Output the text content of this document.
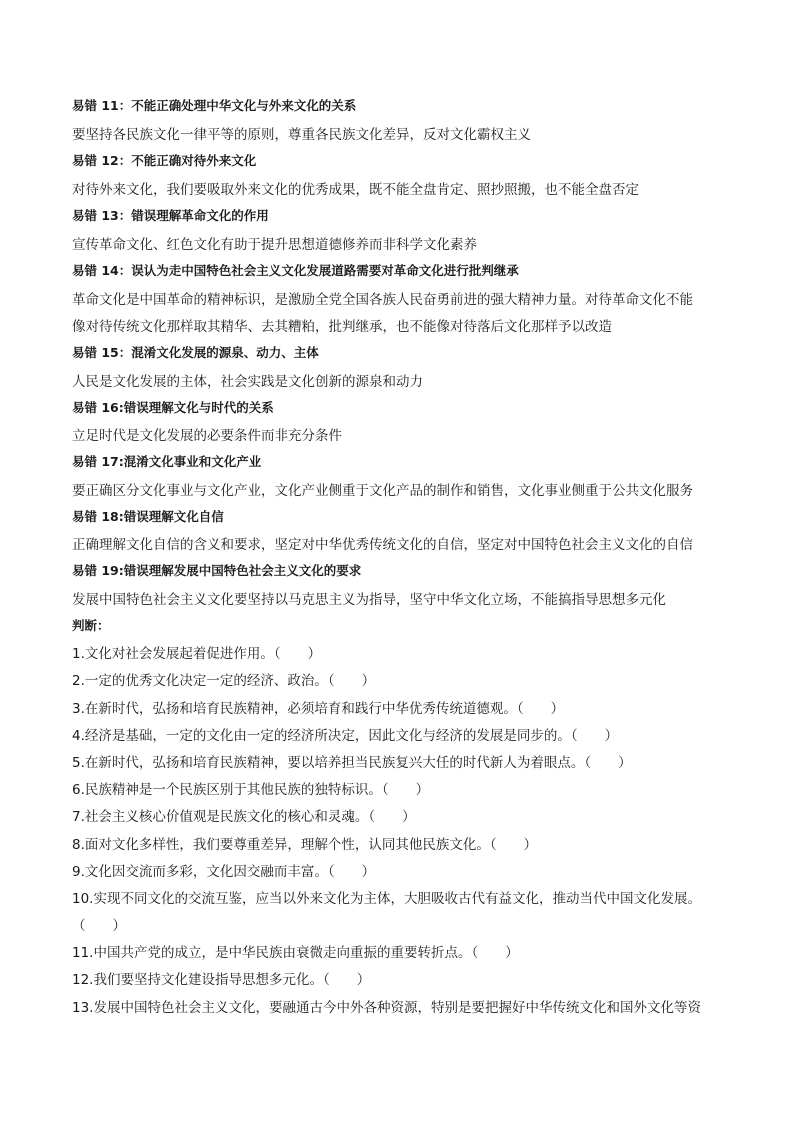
易错 11：不能正确处理中华文化与外来文化的关系
要坚持各民族文化一律平等的原则，尊重各民族文化差异，反对文化霸权主义
易错 12：不能正确对待外来文化
对待外来文化，我们要吸取外来文化的优秀成果，既不能全盘肯定、照抄照搬，也不能全盘否定
易错 13：错误理解革命文化的作用
宣传革命文化、红色文化有助于提升思想道德修养而非科学文化素养
易错 14：误认为走中国特色社会主义文化发展道路需要对革命文化进行批判继承
革命文化是中国革命的精神标识，是激励全党全国各族人民奋勇前进的强大精神力量。对待革命文化不能
像对待传统文化那样取其精华、去其糟粕，批判继承，也不能像对待落后文化那样予以改造
易错 15：混淆文化发展的源泉、动力、主体
人民是文化发展的主体，社会实践是文化创新的源泉和动力
易错 16:错误理解文化与时代的关系
立足时代是文化发展的必要条件而非充分条件
易错 17:混淆文化事业和文化产业
要正确区分文化事业与文化产业，文化产业侧重于文化产品的制作和销售，文化事业侧重于公共文化服务
易错 18:错误理解文化自信
正确理解文化自信的含义和要求，坚定对中华优秀传统文化的自信，坚定对中国特色社会主义文化的自信
易错 19:错误理解发展中国特色社会主义文化的要求
发展中国特色社会主义文化要坚持以马克思主义为指导，坚守中华文化立场，不能搞指导思想多元化
判断：
1.文化对社会发展起着促进作用。（　　）
2.一定的优秀文化决定一定的经济、政治。（　　）
3.在新时代，弘扬和培育民族精神，必须培育和践行中华优秀传统道德观。（　　）
4.经济是基础，一定的文化由一定的经济所决定，因此文化与经济的发展是同步的。（　　）
5.在新时代，弘扬和培育民族精神，要以培养担当民族复兴大任的时代新人为着眼点。（　　）
6.民族精神是一个民族区别于其他民族的独特标识。（　　）
7.社会主义核心价值观是民族文化的核心和灵魂。（　　）
8.面对文化多样性，我们要尊重差异，理解个性，认同其他民族文化。（　　）
9.文化因交流而多彩，文化因交融而丰富。（　　）
10.实现不同文化的交流互鉴，应当以外来文化为主体，大胆吸收古代有益文化，推动当代中国文化发展。
（　　）
11.中国共产党的成立，是中华民族由衰微走向重振的重要转折点。（　　）
12.我们要坚持文化建设指导思想多元化。（　　）
13.发展中国特色社会主义文化，要融通古今中外各种资源，特别是要把握好中华传统文化和国外文化等资
